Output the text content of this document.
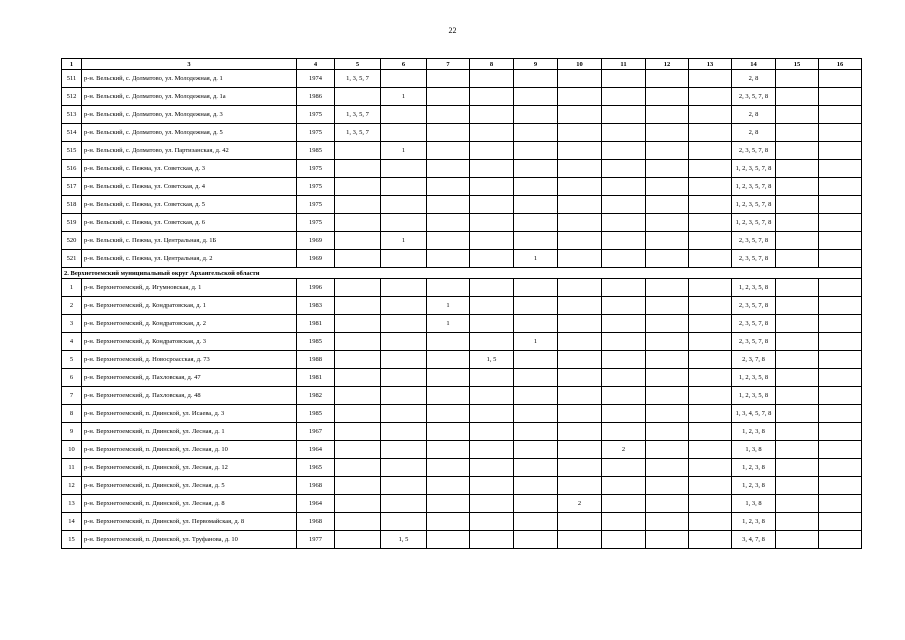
22
1	3	4	5	6	7	8	9	10	11	12	13	14	15	16
511	р-н. Вельский, с. Долматово, ул. Молодежная, д. 1	1974	1, 3, 5, 7									2, 8		
512	р-н. Вельский, с. Долматово, ул. Молодежная, д. 1а	1986		1								2, 3, 5, 7, 8		
513	р-н. Вельский, с. Долматово, ул. Молодежная, д. 3	1975	1, 3, 5, 7									2, 8		
514	р-н. Вельский, с. Долматово, ул. Молодежная, д. 5	1975	1, 3, 5, 7									2, 8		
515	р-н. Вельский, с. Долматово, ул. Партизанская, д. 42	1985		1								2, 3, 5, 7, 8		
516	р-н. Вельский, с. Пежма, ул. Советская, д. 3	1975										1, 2, 3, 5, 7, 8		
517	р-н. Вельский, с. Пежма, ул. Советская, д. 4	1975										1, 2, 3, 5, 7, 8		
518	р-н. Вельский, с. Пежма, ул. Советская, д. 5	1975										1, 2, 3, 5, 7, 8		
519	р-н. Вельский, с. Пежма, ул. Советская, д. 6	1975										1, 2, 3, 5, 7, 8		
520	р-н. Вельский, с. Пежма, ул. Центральная, д. 1Б	1969		1								2, 3, 5, 7, 8		
521	р-н. Вельский, с. Пежма, ул. Центральная, д. 2	1969					1					2, 3, 5, 7, 8		
2. Верхнетоемский муниципальный округ Архангельской области														
1	р-н. Верхнетоемский, д. Игумновская, д. 1	1996										1, 2, 3, 5, 8		
2	р-н. Верхнетоемский, д. Кондратовская, д. 1	1983			1							2, 3, 5, 7, 8		
3	р-н. Верхнетоемский, д. Кондратовская, д. 2	1981			1							2, 3, 5, 7, 8		
4	р-н. Верхнетоемский, д. Кондратовская, д. 3	1985					1					2, 3, 5, 7, 8		
5	р-н. Верхнетоемский, д. Новосроасская, д. 73	1988				1, 5						2, 3, 7, 8		
6	р-н. Верхнетоемский, д. Пахловская, д. 47	1981										1, 2, 3, 5, 8		
7	р-н. Верхнетоемский, д. Пахловская, д. 48	1982										1, 2, 3, 5, 8		
8	р-н. Верхнетоемский, п. Двинской, ул. Исаева, д. 3	1985										1, 3, 4, 5, 7, 8		
9	р-н. Верхнетоемский, п. Двинской, ул. Лесная, д. 1	1967										1, 2, 3, 8		
10	р-н. Верхнетоемский, п. Двинской, ул. Лесная, д. 10	1964							2			1, 3, 8		
11	р-н. Верхнетоемский, п. Двинской, ул. Лесная, д. 12	1965										1, 2, 3, 8		
12	р-н. Верхнетоемский, п. Двинской, ул. Лесная, д. 5	1968										1, 2, 3, 8		
13	р-н. Верхнетоемский, п. Двинской, ул. Лесная, д. 8	1964						2				1, 3, 8		
14	р-н. Верхнетоемский, п. Двинской, ул. Первомайская, д. 8	1968										1, 2, 3, 8		
15	р-н. Верхнетоемский, п. Двинской, ул. Труфанова, д. 10	1977		1, 5								3, 4, 7, 8		
